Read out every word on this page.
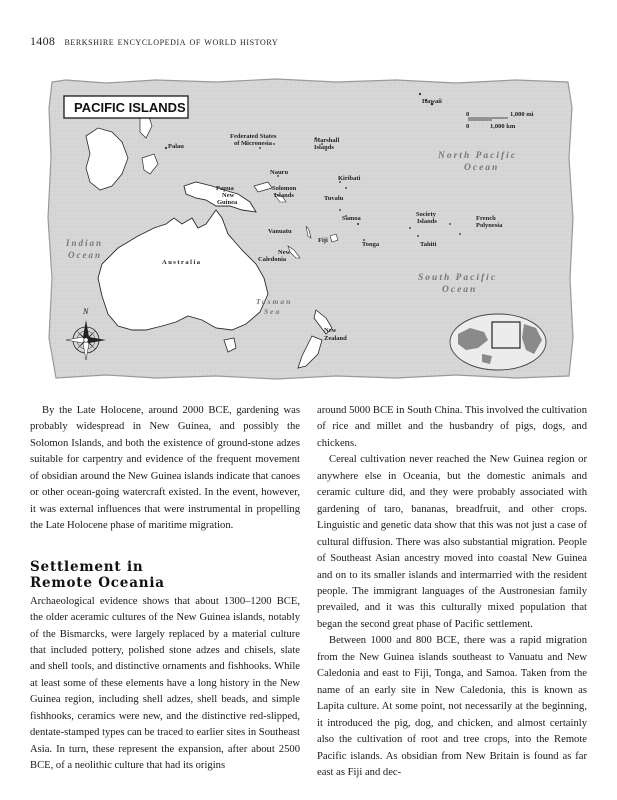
1408 berkshire encyclopedia of world history
PACIFIC ISLANDS	0	1,000 mi
0	1,000 km
North Pacific
Ocean
South Pacific
Ocean
Indian
Ocean
Tasman
Sea
Hawaii
Palau
Federated States
of Micronesia	Marshall
Islands
Nauru
Kiribati
Papua
New
Guinea
Solomon
Islands	Tuvalu
Samoa
Society
Islands	French
Polynesia
Vanuatu
Fiji
Tonga	Tahiti
New
Caledonia
Australia
New
Zealand
N

By the Late Holocene, around 2000 BCE, gardening was probably widespread in New Guinea, and possibly the Solomon Islands, and both the existence of ground-stone adzes suitable for carpentry and evidence of the frequent movement of obsidian around the New Guinea islands indicate that canoes or other ocean-going watercraft existed. In the event, however, it was external influences that were instrumental in propelling the Late Holocene phase of maritime migration.

Settlement in
Remote Oceania

Archaeological evidence shows that about 1300–1200 BCE, the older aceramic cultures of the New Guinea islands, notably of the Bismarcks, were largely replaced by a material culture that included pottery, polished stone adzes and chisels, slate and shell tools, and distinctive ornaments and fishhooks. While at least some of these elements have a long history in the New Guinea region, including shell adzes, shell beads, and simple fishhooks, ceramics were new, and the distinctive red-slipped, dentate-stamped types can be traced to earlier sites in Southeast Asia. In turn, these represent the expansion, after about 2500 BCE, of a neolithic culture that had its origins

around 5000 BCE in South China. This involved the cultivation of rice and millet and the husbandry of pigs, dogs, and chickens.

Cereal cultivation never reached the New Guinea region or anywhere else in Oceania, but the domestic animals and ceramic culture did, and they were probably associated with gardening of taro, bananas, breadfruit, and other crops. Linguistic and genetic data show that this was not just a case of cultural diffusion. There was also substantial migration. People of Southeast Asian ancestry moved into coastal New Guinea and on to its smaller islands and intermarried with the resident people. The immigrant languages of the Austronesian family prevailed, and it was this culturally mixed population that began the second great phase of Pacific settlement.

Between 1000 and 800 BCE, there was a rapid migration from the New Guinea islands southeast to Vanuatu and New Caledonia and east to Fiji, Tonga, and Samoa. Taken from the name of an early site in New Caledonia, this is known as Lapita culture. At some point, not necessarily at the beginning, it introduced the pig, dog, and chicken, and almost certainly also the cultivation of root and tree crops, into the Remote Pacific islands. As obsidian from New Britain is found as far east as Fiji and dec-
